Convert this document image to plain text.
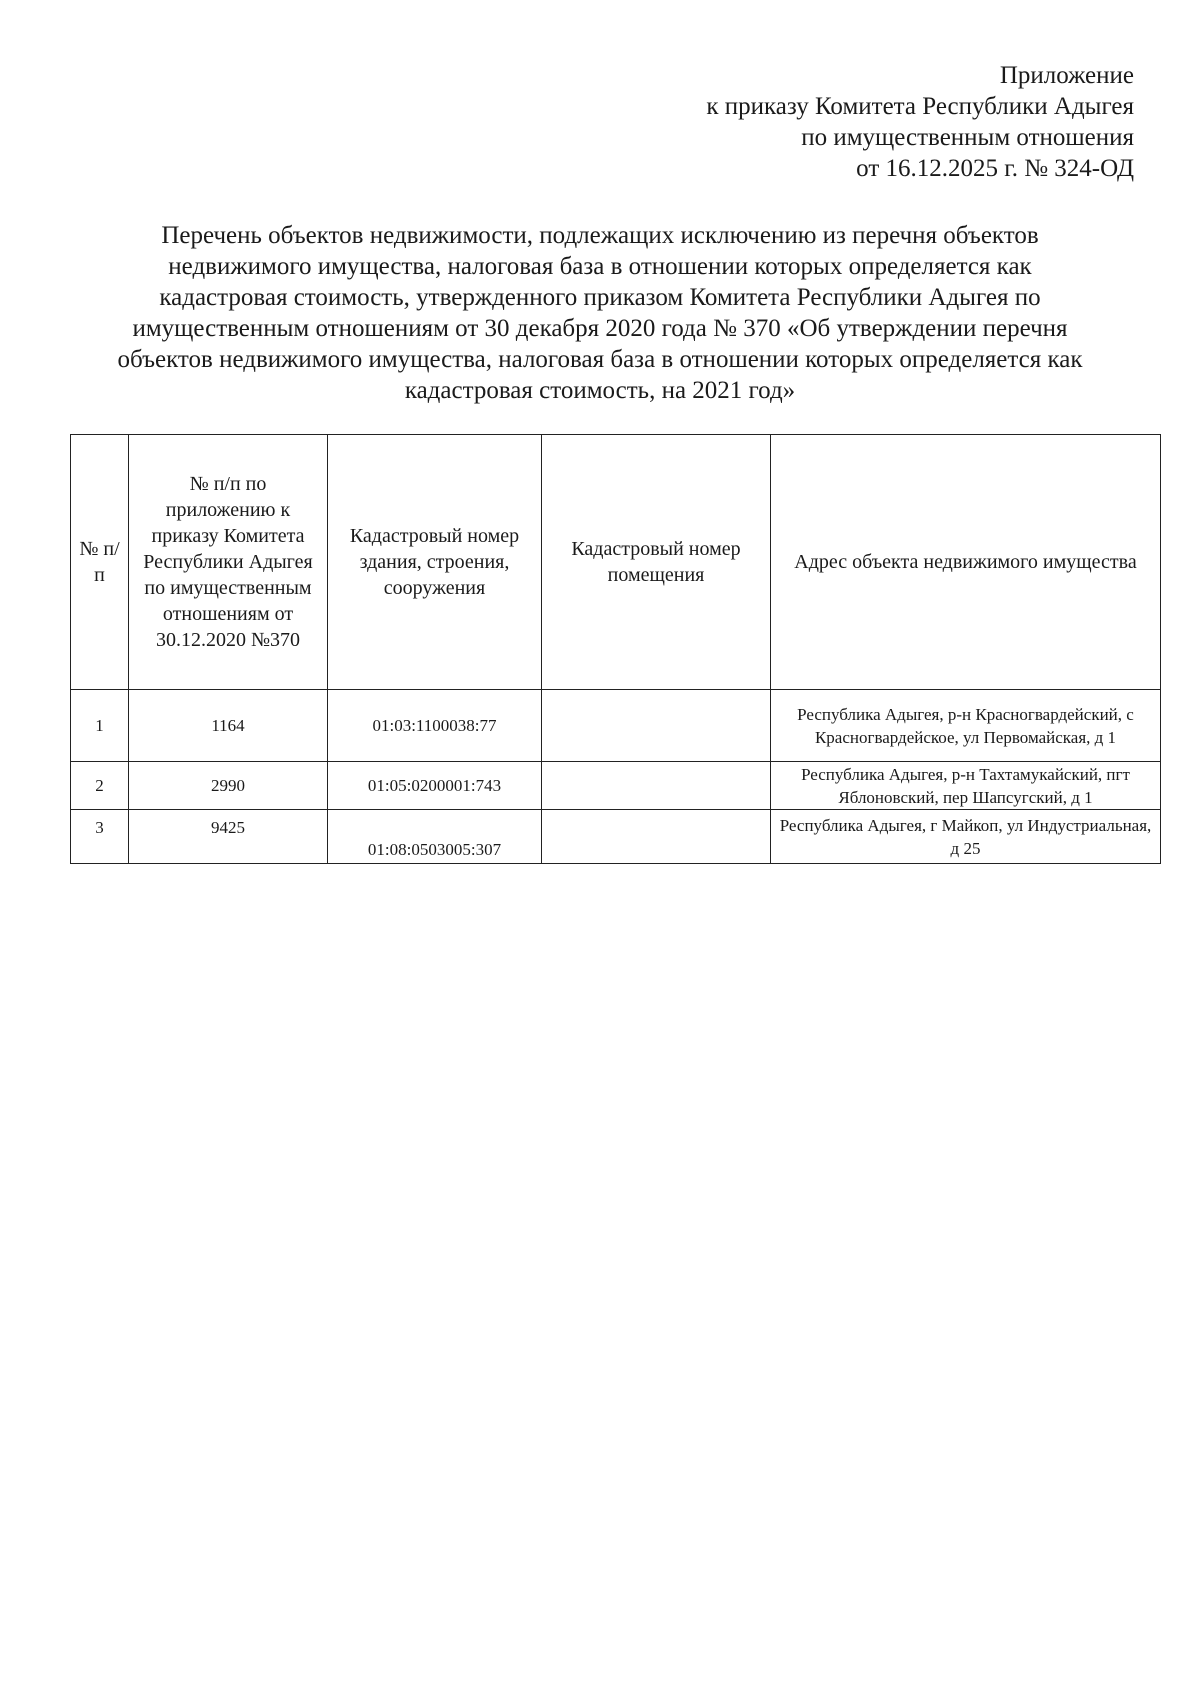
Приложение
к приказу Комитета Республики Адыгея
по имущественным отношения
от 16.12.2025 г. № 324-ОД
Перечень объектов недвижимости, подлежащих исключению из перечня объектов
недвижимого имущества, налоговая база в отношении которых определяется как
кадастровая стоимость, утвержденного приказом Комитета Республики Адыгея по
имущественным отношениям от 30 декабря 2020 года № 370 «Об утверждении перечня
объектов недвижимого имущества, налоговая база в отношении которых определяется как
кадастровая стоимость, на 2021 год»
№ п/п	№ п/п по приложению к приказу Комитета Республики Адыгея по имущественным отношениям от 30.12.2020 №370	Кадастровый номер здания, строения, сооружения	Кадастровый номер помещения	Адрес объекта недвижимого имущества
1	1164	01:03:1100038:77		Республика Адыгея, р-н Красногвардейский, с Красногвардейское, ул Первомайская, д 1
2	2990	01:05:0200001:743		Республика Адыгея, р-н Тахтамукайский, пгт Яблоновский, пер Шапсугский, д 1
3	9425	01:08:0503005:307		Республика Адыгея, г Майкоп, ул Индустриальная, д 25
